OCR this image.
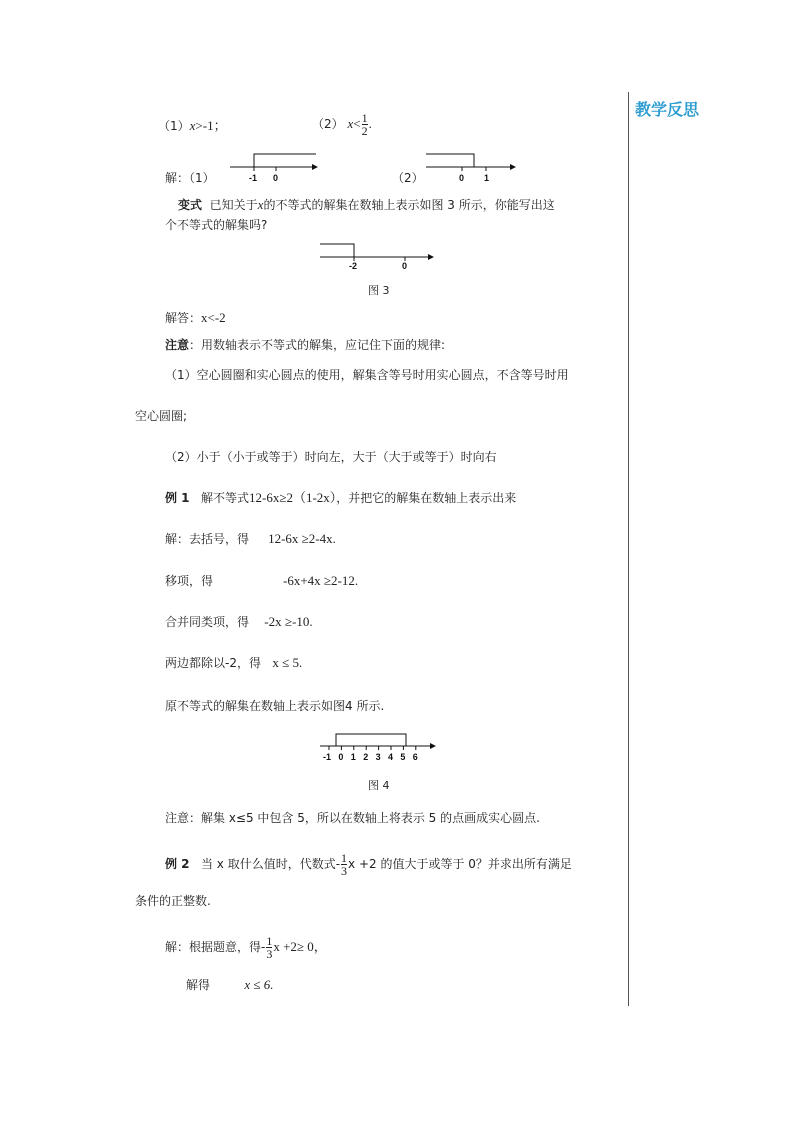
教学反思
（1）x>-1；	（2） $x< \frac{1}{2}$ .
解：（1）	-1 0	（2）	0 1
变式 已知关于x的不等式的解集在数轴上表示如图 3 所示，你能写出这
个不等式的解集吗?
-2	0
图 3
解答：x<-2
注意：用数轴表示不等式的解集，应记住下面的规律:
（1）空心圆圈和实心圆点的使用，解集含等号时用实心圆点，不含等号时用
空心圆圈;
（2）小于（小于或等于）时向左，大于（大于或等于）时向右
例 1 解不等式12-6x≥2（1-2x），并把它的解集在数轴上表示出来
解：去括号，得 12-6x ≥2-4x.
移项，得	-6x+4x ≥2-12.
合并同类项，得 -2x ≥-10.
两边都除以-2，得 x ≤ 5.
原不等式的解集在数轴上表示如图4 所示.
-1 0 1 2 3 4 5 6
图 4
注意：解集 x≤5 中包含 5，所以在数轴上将表示 5 的点画成实心圆点.
例 2 当 x 取什么值时，代数式- $\frac{1}{3}$ x +2 的值大于或等于 0？并求出所有满足
条件的正整数.
解：根据题意，得- $\frac{1}{3}$ x +2≥ 0，
解得	x ≤ 6.
